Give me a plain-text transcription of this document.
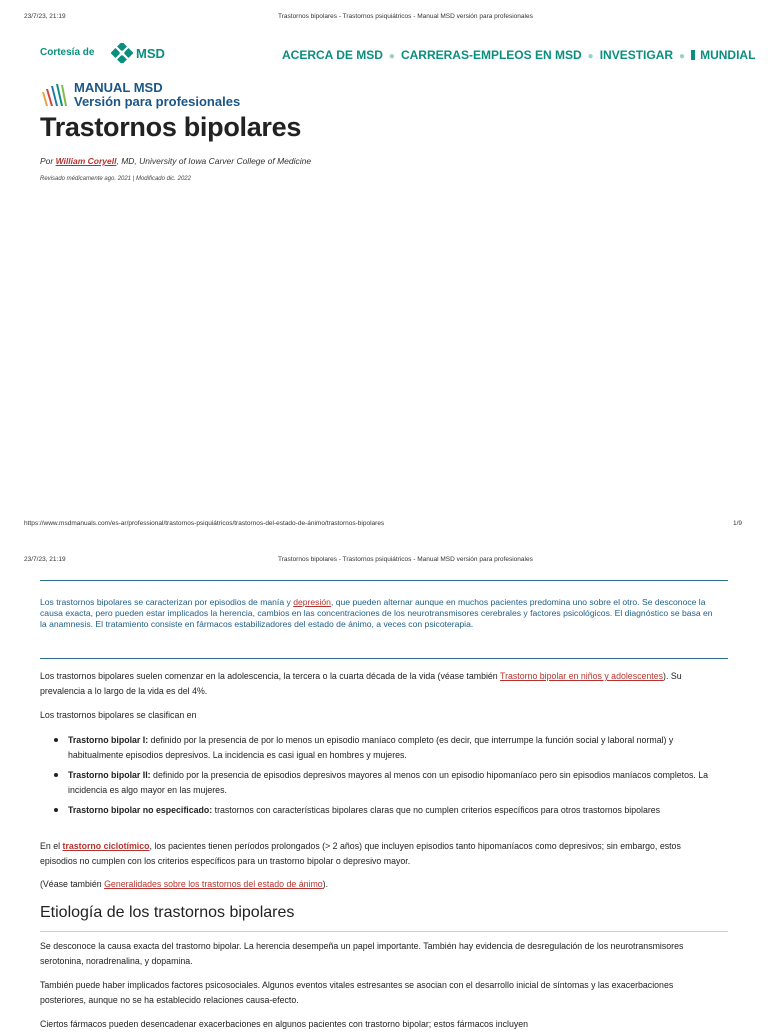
23/7/23, 21:19	Trastornos bipolares - Trastornos psiquiátricos - Manual MSD versión para profesionales
Cortesía de	MSD	ACERCA DE MSD ● CARRERAS-EMPLEOS EN MSD ● INVESTIGAR ● MUNDIAL
MANUAL MSD
Versión para profesionales
Trastornos bipolares
Por William Coryell, MD, University of Iowa Carver College of Medicine
Revisado médicamente ago. 2021 | Modificado dic. 2022
https://www.msdmanuals.com/es-ar/professional/trastornos-psiquiátricos/trastornos-del-estado-de-ánimo/trastornos-bipolares	1/9
23/7/23, 21:19	Trastornos bipolares - Trastornos psiquiátricos - Manual MSD versión para profesionales
Los trastornos bipolares se caracterizan por episodios de manía y depresión, que pueden alternar aunque en muchos pacientes predomina uno sobre el otro. Se desconoce la causa exacta, pero pueden estar implicados la herencia, cambios en las concentraciones de los neurotransmisores cerebrales y factores psicológicos. El diagnóstico se basa en la anamnesis. El tratamiento consiste en fármacos estabilizadores del estado de ánimo, a veces con psicoterapia.
Los trastornos bipolares suelen comenzar en la adolescencia, la tercera o la cuarta década de la vida (véase también Trastorno bipolar en niños y adolescentes). Su prevalencia a lo largo de la vida es del 4%.
Los trastornos bipolares se clasifican en
Trastorno bipolar I: definido por la presencia de por lo menos un episodio maníaco completo (es decir, que interrumpe la función social y laboral normal) y habitualmente episodios depresivos. La incidencia es casi igual en hombres y mujeres.
Trastorno bipolar II: definido por la presencia de episodios depresivos mayores al menos con un episodio hipomaníaco pero sin episodios maníacos completos. La incidencia es algo mayor en las mujeres.
Trastorno bipolar no especificado: trastornos con características bipolares claras que no cumplen criterios específicos para otros trastornos bipolares
En el trastorno ciclotímico, los pacientes tienen períodos prolongados (> 2 años) que incluyen episodios tanto hipomaníacos como depresivos; sin embargo, estos episodios no cumplen con los criterios específicos para un trastorno bipolar o depresivo mayor.
(Véase también Generalidades sobre los trastornos del estado de ánimo).
Etiología de los trastornos bipolares
Se desconoce la causa exacta del trastorno bipolar. La herencia desempeña un papel importante. También hay evidencia de desregulación de los neurotransmisores serotonina, noradrenalina, y dopamina.
También puede haber implicados factores psicosociales. Algunos eventos vitales estresantes se asocian con el desarrollo inicial de síntomas y las exacerbaciones posteriores, aunque no se ha establecido relaciones causa-efecto.
Ciertos fármacos pueden desencadenar exacerbaciones en algunos pacientes con trastorno bipolar; estos fármacos incluyen
